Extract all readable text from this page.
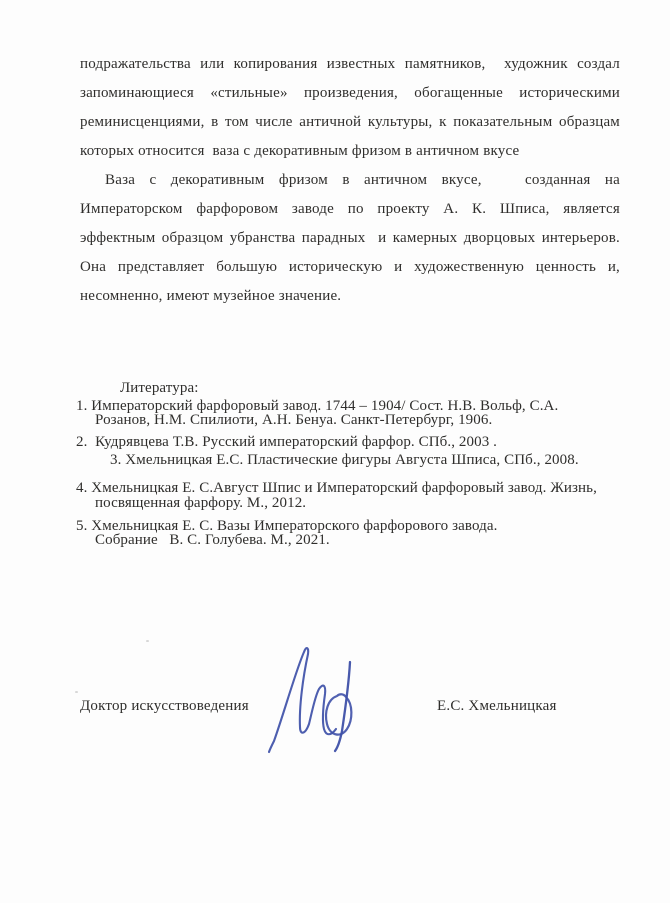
подражательства или копирования известных памятников,  художник создал
запоминающиеся «стильные» произведения, обогащенные историческими
реминисценциями, в том числе античной культуры, к показательным образцам
которых относится  ваза с декоративным фризом в античном вкусе
Ваза с декоративным фризом в античном вкусе,   созданная на
Императорском фарфоровом заводе по проекту А. К. Шписа, является
эффектным образцом убранства парадных  и камерных дворцовых интерьеров.
Она представляет большую историческую и художественную ценность и,
несомненно, имеют музейное значение.
Литература:
1. Императорский фарфоровый завод. 1744 – 1904/ Сост. Н.В. Вольф, С.А.
Розанов, Н.М. Спилиоти, А.Н. Бенуа. Санкт-Петербург, 1906.
2.  Кудрявцева Т.В. Русский императорский фарфор. СПб., 2003 .
3. Хмельницкая Е.С. Пластические фигуры Августа Шписа, СПб., 2008.
4. Хмельницкая Е. С.Август Шпис и Императорский фарфоровый завод. Жизнь,
посвященная фарфору. М., 2012.
5. Хмельницкая Е. С. Вазы Императорского фарфорового завода.
Собрание   В. С. Голубева. М., 2021.
Доктор искусствоведения	Е.С. Хмельницкая
